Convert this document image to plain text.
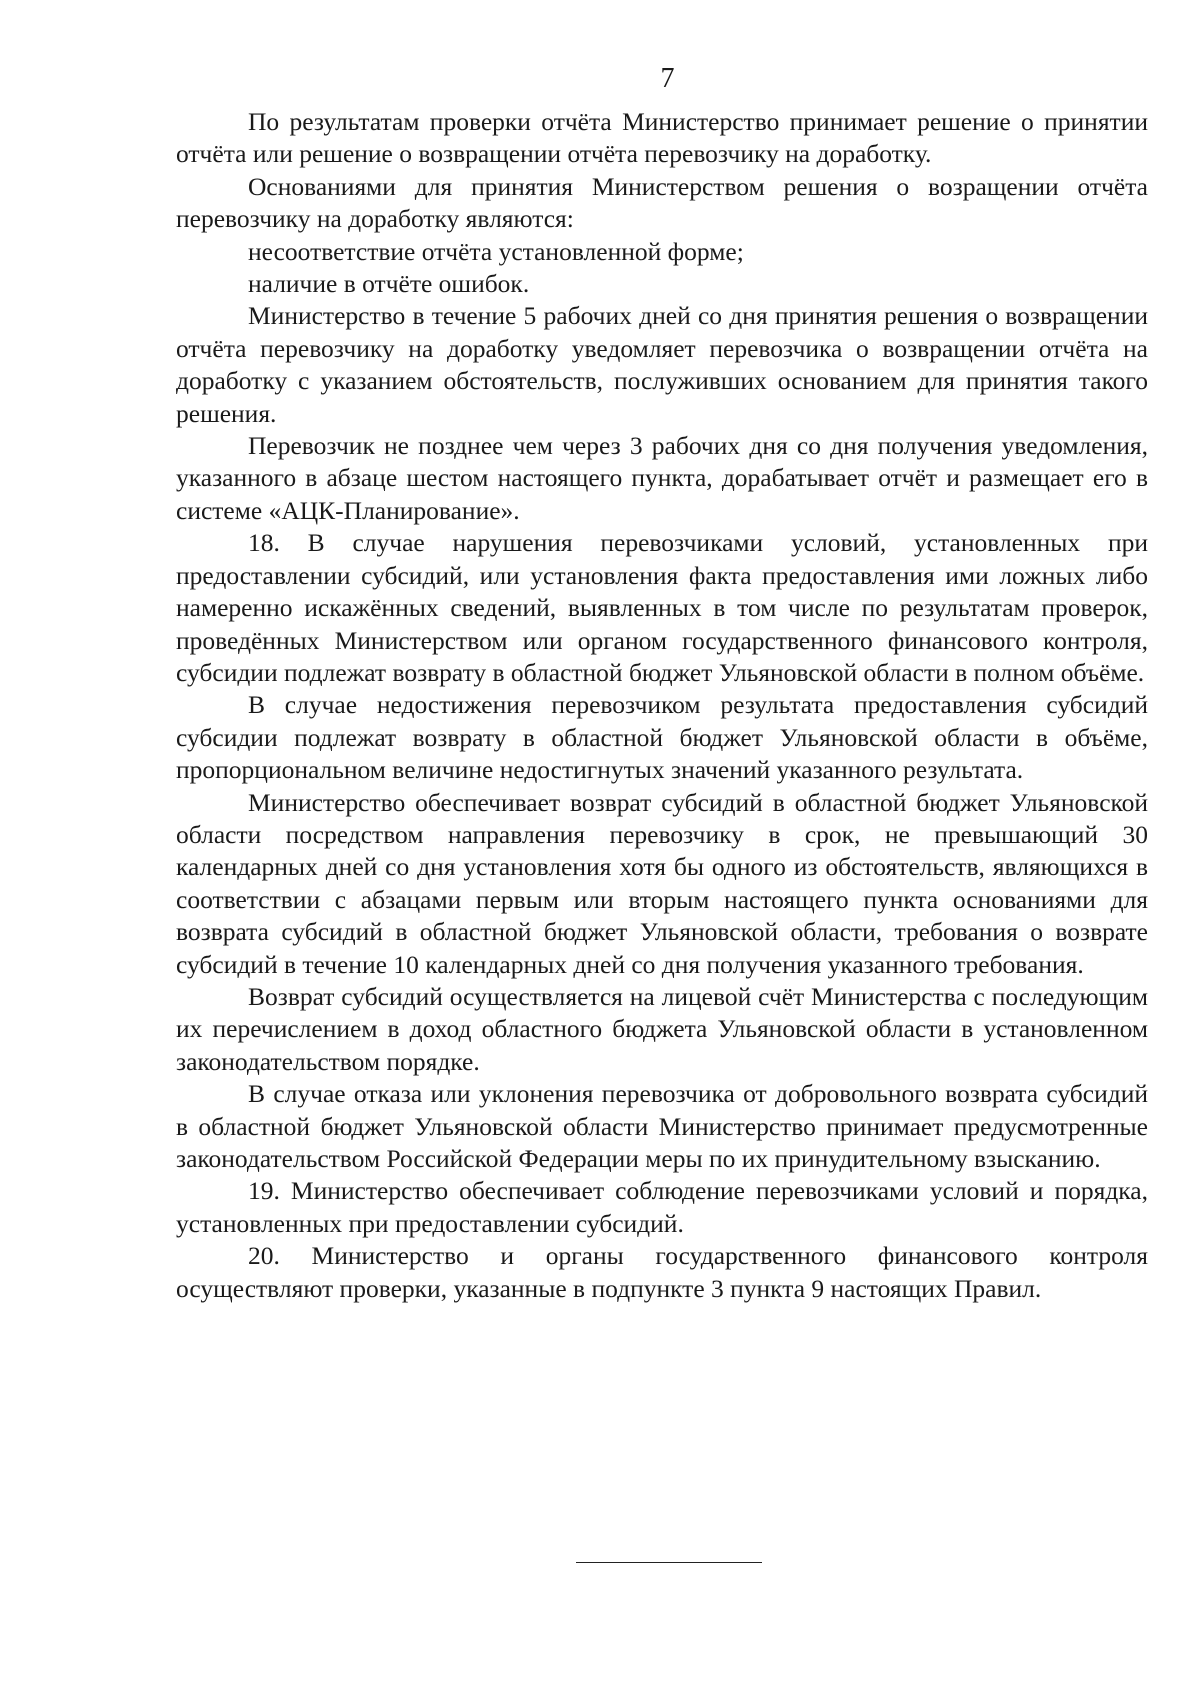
7

По результатам проверки отчёта Министерство принимает решение о принятии отчёта или решение о возвращении отчёта перевозчику на доработку.

Основаниями для принятия Министерством решения о возращении отчёта перевозчику на доработку являются:

несоответствие отчёта установленной форме;

наличие в отчёте ошибок.

Министерство в течение 5 рабочих дней со дня принятия решения о возвращении отчёта перевозчику на доработку уведомляет перевозчика о возвращении отчёта на доработку с указанием обстоятельств, послуживших основанием для принятия такого решения.

Перевозчик не позднее чем через 3 рабочих дня со дня получения уведомления, указанного в абзаце шестом настоящего пункта, дорабатывает отчёт и размещает его в системе «АЦК-Планирование».

18. В случае нарушения перевозчиками условий, установленных при предоставлении субсидий, или установления факта предоставления ими ложных либо намеренно искажённых сведений, выявленных в том числе по результатам проверок, проведённых Министерством или органом государственного финансового контроля, субсидии подлежат возврату в областной бюджет Ульяновской области в полном объёме.

В случае недостижения перевозчиком результата предоставления субсидий субсидии подлежат возврату в областной бюджет Ульяновской области в объёме, пропорциональном величине недостигнутых значений указанного результата.

Министерство обеспечивает возврат субсидий в областной бюджет Ульяновской области посредством направления перевозчику в срок, не превышающий 30 календарных дней со дня установления хотя бы одного из обстоятельств, являющихся в соответствии с абзацами первым или вторым настоящего пункта основаниями для возврата субсидий в областной бюджет Ульяновской области, требования о возврате субсидий в течение 10 календарных дней со дня получения указанного требования.

Возврат субсидий осуществляется на лицевой счёт Министерства с последующим их перечислением в доход областного бюджета Ульяновской области в установленном законодательством порядке.

В случае отказа или уклонения перевозчика от добровольного возврата субсидий в областной бюджет Ульяновской области Министерство принимает предусмотренные законодательством Российской Федерации меры по их принудительному взысканию.

19. Министерство обеспечивает соблюдение перевозчиками условий и порядка, установленных при предоставлении субсидий.

20. Министерство и органы государственного финансового контроля осуществляют проверки, указанные в подпункте 3 пункта 9 настоящих Правил.
